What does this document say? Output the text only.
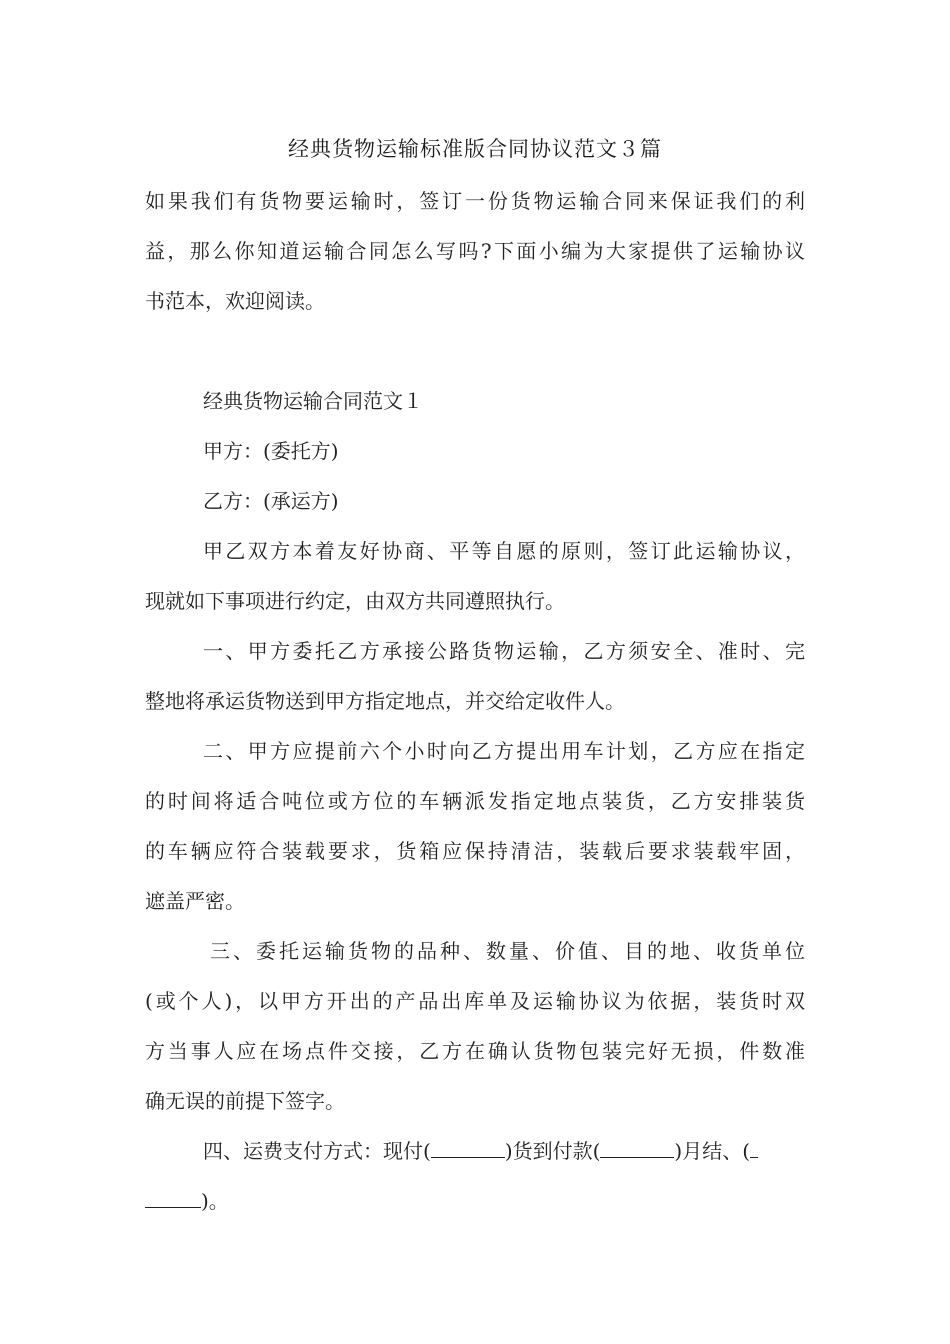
经典货物运输标准版合同协议范文３篇

如果我们有货物要运输时，签订一份货物运输合同来保证我们的利

益，那么你知道运输合同怎么写吗?下面小编为大家提供了运输协议

书范本，欢迎阅读。

经典货物运输合同范文１

甲方：(委托方)

乙方：(承运方)

甲乙双方本着友好协商、平等自愿的原则，签订此运输协议，

现就如下事项进行约定，由双方共同遵照执行。

一、甲方委托乙方承接公路货物运输，乙方须安全、准时、完

整地将承运货物送到甲方指定地点，并交给定收件人。

二、甲方应提前六个小时向乙方提出用车计划，乙方应在指定

的时间将适合吨位或方位的车辆派发指定地点装货，乙方安排装货

的车辆应符合装载要求，货箱应保持清洁，装载后要求装载牢固，

遮盖严密。

三、委托运输货物的品种、数量、价值、目的地、收货单位

(或个人)，以甲方开出的产品出库单及运输协议为依据，装货时双

方当事人应在场点件交接，乙方在确认货物包装完好无损，件数准

确无误的前提下签字。

四、运费支付方式：现付(	)货到付款(	)月结、(

)。
